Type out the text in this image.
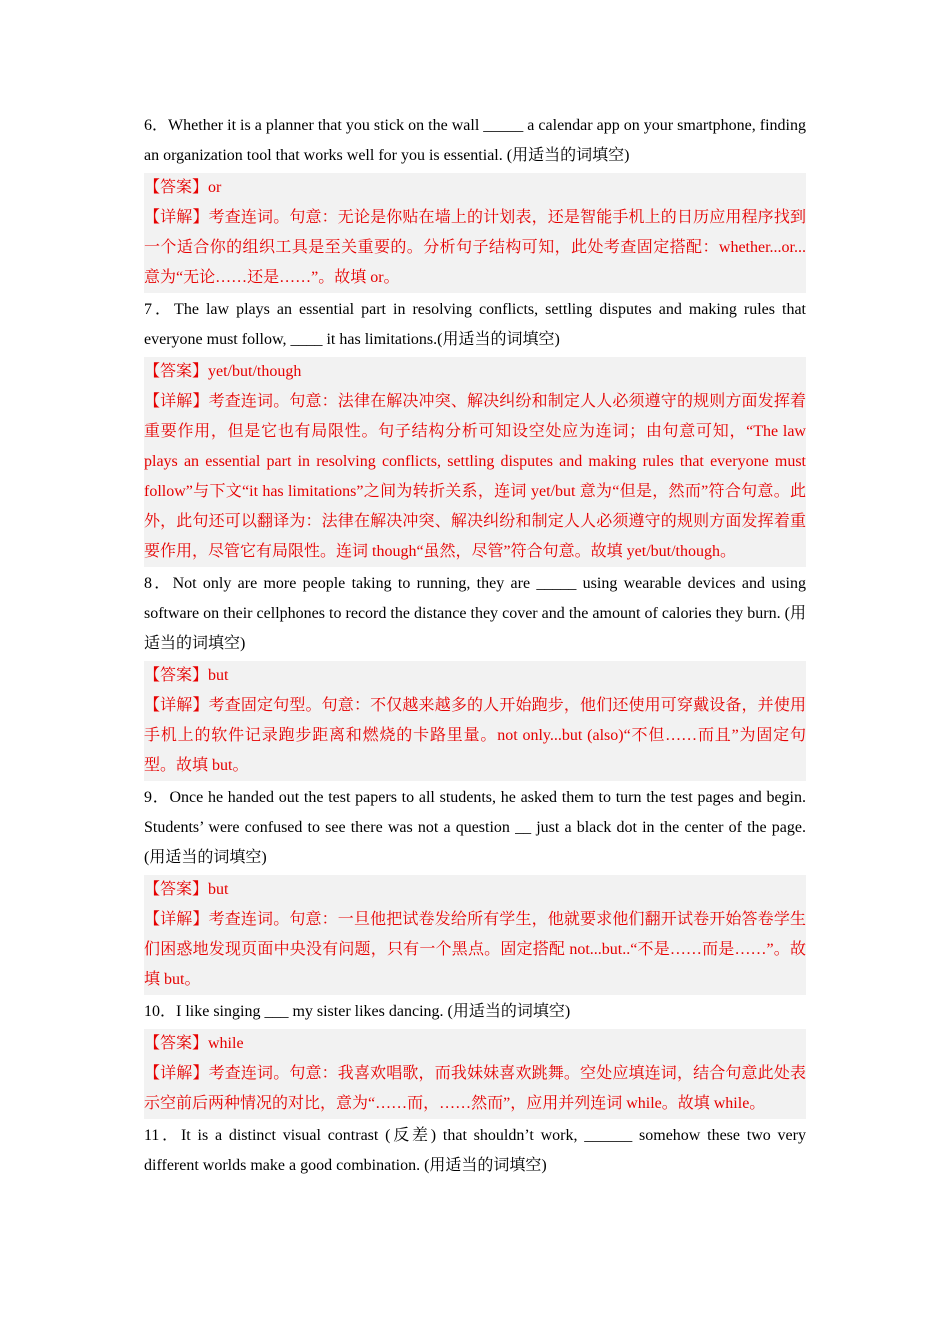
6．Whether it is a planner that you stick on the wall _____ a calendar app on your smartphone, finding an organization tool that works well for you is essential. (用适当的词填空)

【答案】or

【详解】考查连词。句意：无论是你贴在墙上的计划表，还是智能手机上的日历应用程序找到一个适合你的组织工具是至关重要的。分析句子结构可知，此处考查固定搭配：whether...or...意为“无论……还是……”。故填 or。

7．The law plays an essential part in resolving conflicts, settling disputes and making rules that everyone must follow, ____ it has limitations.(用适当的词填空)

【答案】yet/but/though

【详解】考查连词。句意：法律在解决冲突、解决纠纷和制定人人必须遵守的规则方面发挥着重要作用，但是它也有局限性。句子结构分析可知设空处应为连词；由句意可知，“The law plays an essential part in resolving conflicts, settling disputes and making rules that everyone must follow”与下文“it has limitations”之间为转折关系，连词 yet/but 意为“但是，然而”符合句意。此外，此句还可以翻译为：法律在解决冲突、解决纠纷和制定人人必须遵守的规则方面发挥着重要作用，尽管它有局限性。连词 though“虽然，尽管”符合句意。故填 yet/but/though。

8．Not only are more people taking to running, they are _____ using wearable devices and using software on their cellphones to record the distance they cover and the amount of calories they burn. (用适当的词填空)

【答案】but

【详解】考查固定句型。句意：不仅越来越多的人开始跑步，他们还使用可穿戴设备，并使用手机上的软件记录跑步距离和燃烧的卡路里量。not only...but (also)“不但……而且”为固定句型。故填 but。

9．Once he handed out the test papers to all students, he asked them to turn the test pages and begin. Students’ were confused to see there was not a question __ just a black dot in the center of the page. (用适当的词填空)

【答案】but

【详解】考查连词。句意：一旦他把试卷发给所有学生，他就要求他们翻开试卷开始答卷学生们困惑地发现页面中央没有问题，只有一个黑点。固定搭配 not...but..“不是……而是……”。故填 but。

10．I like singing ___ my sister likes dancing. (用适当的词填空)

【答案】while

【详解】考查连词。句意：我喜欢唱歌，而我妹妹喜欢跳舞。空处应填连词，结合句意此处表示空前后两种情况的对比，意为“……而，……然而”，应用并列连词 while。故填 while。

11．It is a distinct visual contrast (反差) that shouldn’t work, ______ somehow these two very different worlds make a good combination. (用适当的词填空)
